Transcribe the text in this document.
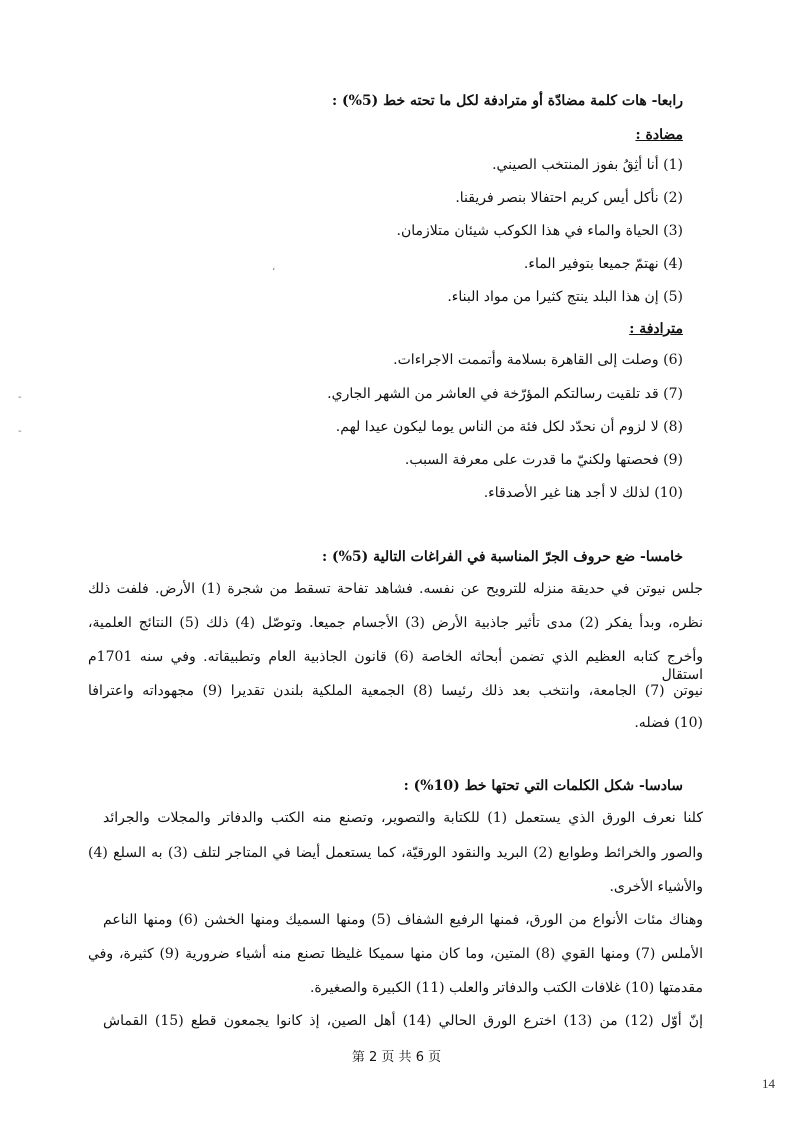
رابعا- هات كلمة مضادّة أو مترادفة لكل ما تحته خط (5%) :
مضادة :
(1) أنا أثِقُ بفوز المنتخب الصيني.
(2) نأكل أيس كريم احتفالا بنصر فريقنا.
(3) الحياة والماء في هذا الكوكب شيئان متلازمان.
(4) نهتمّ جميعا بتوفير الماء.
(5) إن هذا البلد ينتج كثيرا من مواد البناء.
مترادفة :
(6) وصلت إلى القاهرة بسلامة وأتممت الاجراءات.
(7) قد تلقيت رسالتكم المؤرّخة في العاشر من الشهر الجاري.
(8) لا لزوم أن نحدّد لكل فئة من الناس يوما ليكون عيدا لهم.
(9) فحصتها ولكنيّ ما قدرت على معرفة السبب.
(10) لذلك لا أجد هنا غير الأصدقاء.
خامسا- ضع حروف الجرّ المناسبة في الفراغات التالية (5%) :
جلس نيوتن في حديقة منزله للترويح عن نفسه. فشاهد تفاحة تسقط من شجرة (1) الأرض. فلفت ذلك
نظره، وبدأ يفكر (2) مدى تأثير جاذبية الأرض (3) الأجسام جميعا. وتوصّل (4) ذلك (5) النتائج العلمية،
وأخرج كتابه العظيم الذي تضمن أبحاثه الخاصة (6) قانون الجاذبية العام وتطبيقاته. وفي سنه 1701م استقال
نيوتن (7) الجامعة، وانتخب بعد ذلك رئيسا (8) الجمعية الملكية بلندن تقديرا (9) مجهوداته واعترافا
(10) فضله.
سادسا- شكل الكلمات التي تحتها خط (10%) :
كلنا نعرف الورق الذي يستعمل (1) للكتابة والتصوير، وتصنع منه الكتب والدفاتر والمجلات والجرائد
والصور والخرائط وطوابع (2) البريد والنقود الورقيّة، كما يستعمل أيضا في المتاجر لتلف (3) به السلع (4)
والأشياء الأخرى.
وهناك مئات الأنواع من الورق، فمنها الرفيع الشفاف (5) ومنها السميك ومنها الخشن (6) ومنها الناعم
الأملس (7) ومنها القوي (8) المتين، وما كان منها سميكا غليظا تصنع منه أشياء ضرورية (9) كثيرة، وفي
مقدمتها (10) غلافات الكتب والدفاتر والعلب (11) الكبيرة والصغيرة.
إنّ أوّل (12) من (13) اخترع الورق الحالي (14) أهل الصين، إذ كانوا يجمعون قطع (15) القماش
،
-
-
第 2 页 共 6 页
14
